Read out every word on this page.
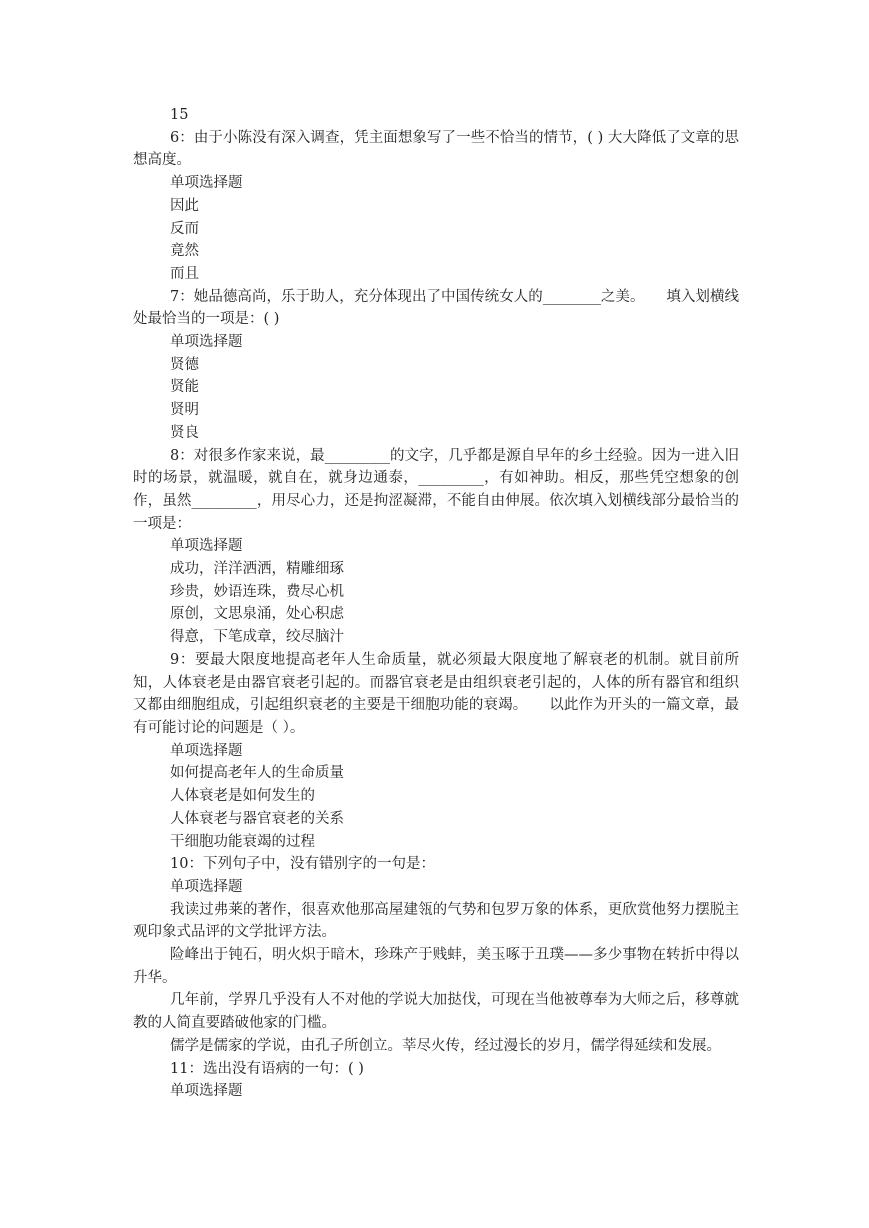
15

6：由于小陈没有深入调查，凭主面想象写了一些不恰当的情节，( ) 大大降低了文章的思想高度。

单项选择题

因此

反而

竟然

而且

7：她品德高尚，乐于助人，充分体现出了中国传统女人的________之美。　　填入划横线处最恰当的一项是：( )

单项选择题

贤德

贤能

贤明

贤良

8：对很多作家来说，最_________的文字，几乎都是源自早年的乡土经验。因为一进入旧时的场景，就温暖，就自在，就身边通泰，_________，有如神助。相反，那些凭空想象的创作，虽然_________，用尽心力，还是拘涩凝滞，不能自由伸展。依次填入划横线部分最恰当的一项是：

单项选择题

成功，洋洋洒洒，精雕细琢

珍贵，妙语连珠，费尽心机

原创，文思泉涌，处心积虑

得意，下笔成章，绞尽脑汁

9：要最大限度地提高老年人生命质量，就必须最大限度地了解衰老的机制。就目前所知，人体衰老是由器官衰老引起的。而器官衰老是由组织衰老引起的，人体的所有器官和组织又都由细胞组成，引起组织衰老的主要是干细胞功能的衰竭。　　以此作为开头的一篇文章，最有可能讨论的问题是（ ）。

单项选择题

如何提高老年人的生命质量

人体衰老是如何发生的

人体衰老与器官衰老的关系

干细胞功能衰竭的过程

10：下列句子中，没有错别字的一句是：

单项选择题

我读过弗莱的著作，很喜欢他那高屋建瓴的气势和包罗万象的体系，更欣赏他努力摆脱主观印象式品评的文学批评方法。

险峰出于钝石，明火炽于暗木，珍珠产于贱蚌，美玉啄于丑璞——多少事物在转折中得以升华。

几年前，学界几乎没有人不对他的学说大加挞伐，可现在当他被尊奉为大师之后，移尊就教的人简直要踏破他家的门槛。

儒学是儒家的学说，由孔子所创立。莘尽火传，经过漫长的岁月，儒学得延续和发展。

11：选出没有语病的一句：( )

单项选择题
